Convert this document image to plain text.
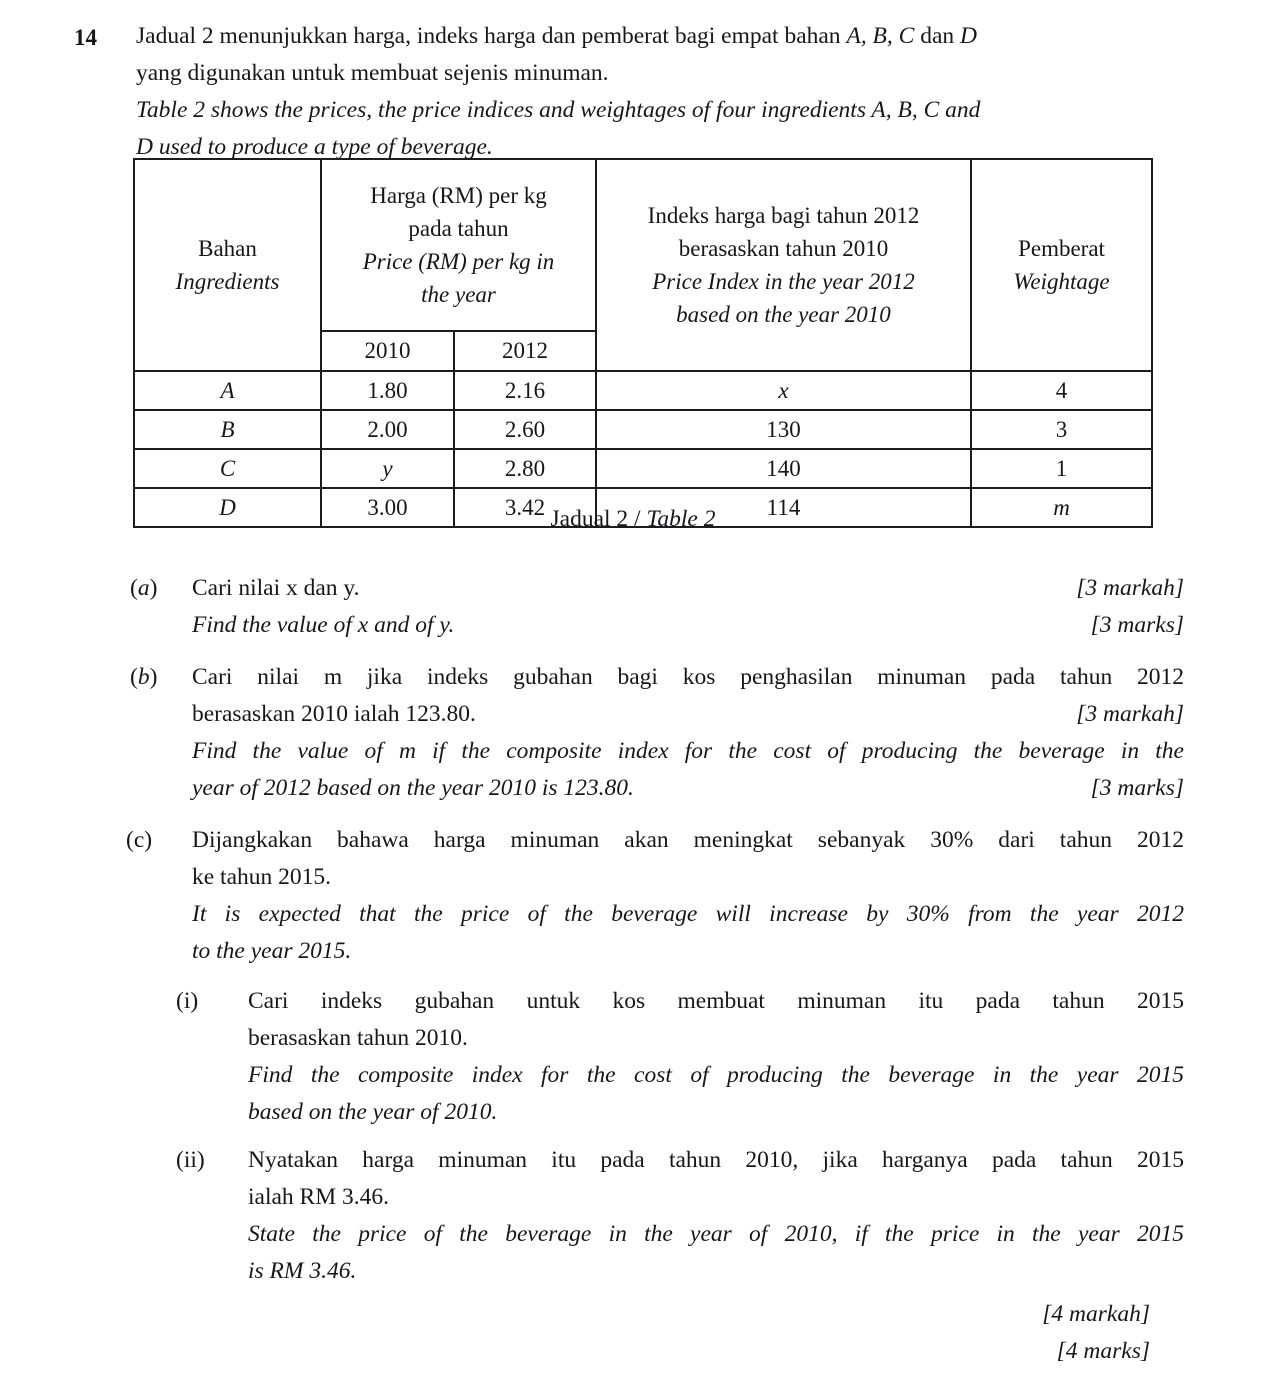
14	Jadual 2 menunjukkan harga, indeks harga dan pemberat bagi empat bahan A, B, C dan D
yang digunakan untuk membuat sejenis minuman.
Table 2 shows the prices, the price indices and weightages of four ingredients A, B, C and
D used to produce a type of beverage.
Bahan
Ingredients	Harga (RM) per kg
pada tahun
Price (RM) per kg in
the year		Indeks harga bagi tahun 2012
berasaskan tahun 2010
Price Index in the year 2012
based on the year 2010	Pemberat
Weightage

	2010	2012		
A	1.80	2.16	x	4
B	2.00	2.60	130	3
C	y	2.80	140	1
D	3.00	3.42	114	m
Jadual 2 / Table 2
(a)	Cari nilai x dan y.	[3 markah]
Find the value of x and of y.	[3 marks]
(b)	Cari nilai m jika indeks gubahan bagi kos penghasilan minuman pada tahun 2012
berasaskan 2010 ialah 123.80.	[3 markah]
Find the value of m if the composite index for the cost of producing the beverage in the
year of 2012 based on the year 2010 is 123.80.	[3 marks]
(c)	Dijangkakan bahawa harga minuman akan meningkat sebanyak 30% dari tahun 2012
ke tahun 2015.
It is expected that the price of the beverage will increase by 30% from the year 2012
to the year 2015.
(i)	Cari indeks gubahan untuk kos membuat minuman itu pada tahun 2015
berasaskan tahun 2010.
Find the composite index for the cost of producing the beverage in the year 2015
based on the year of 2010.
(ii)	Nyatakan harga minuman itu pada tahun 2010, jika harganya pada tahun 2015
ialah RM 3.46.
State the price of the beverage in the year of 2010, if the price in the year 2015
is RM 3.46.
[4 markah]
[4 marks]
